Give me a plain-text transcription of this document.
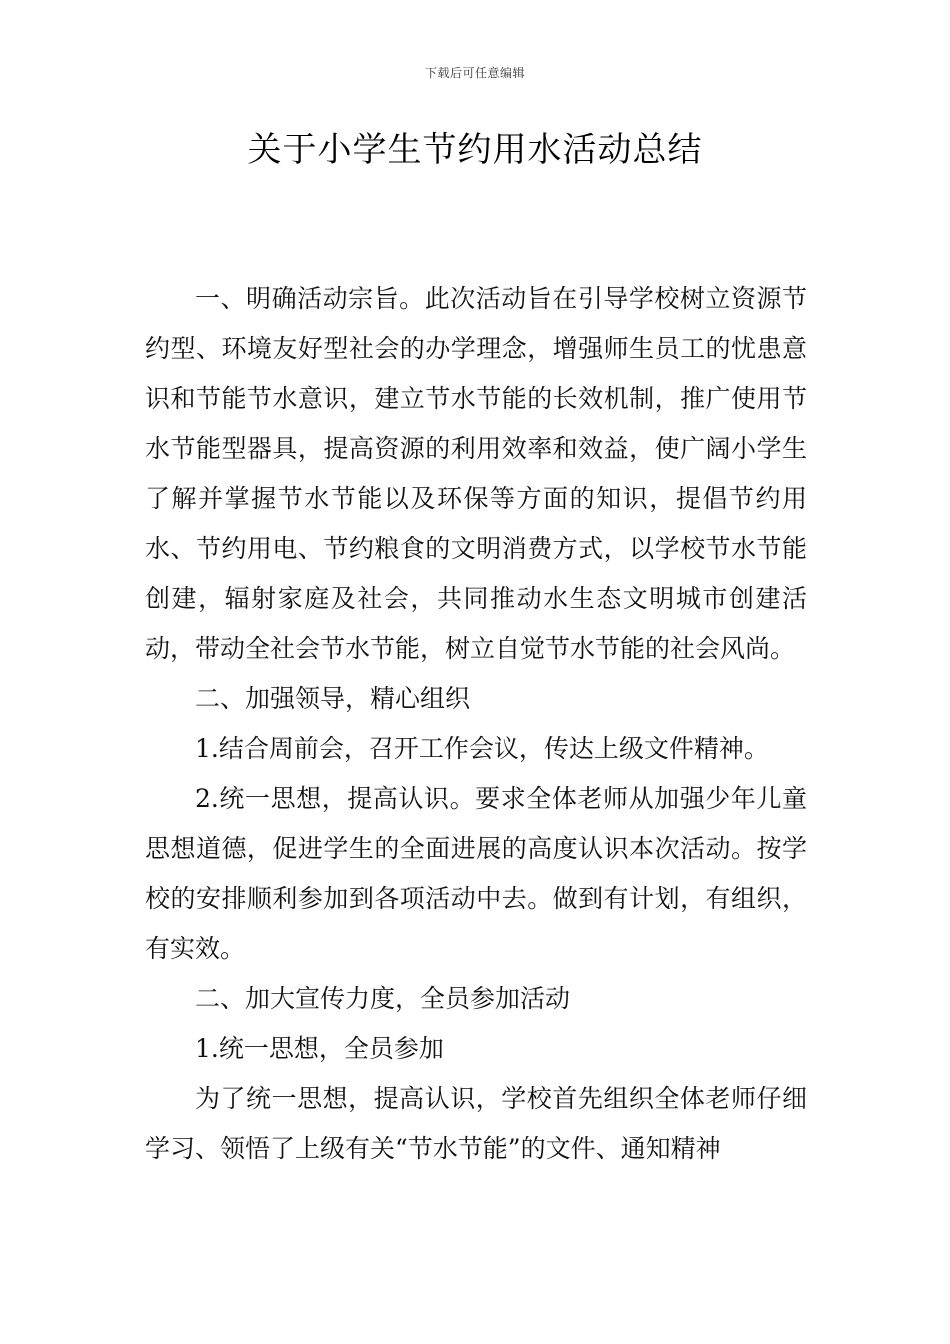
下载后可任意编辑
关于小学生节约用水活动总结

一、明确活动宗旨。此次活动旨在引导学校树立资源节约型、环境友好型社会的办学理念，增强师生员工的忧患意识和节能节水意识，建立节水节能的长效机制，推广使用节水节能型器具，提高资源的利用效率和效益，使广阔小学生了解并掌握节水节能以及环保等方面的知识，提倡节约用水、节约用电、节约粮食的文明消费方式，以学校节水节能创建，辐射家庭及社会，共同推动水生态文明城市创建活动，带动全社会节水节能，树立自觉节水节能的社会风尚。

二、加强领导，精心组织

1.结合周前会，召开工作会议，传达上级文件精神。

2.统一思想，提高认识。要求全体老师从加强少年儿童思想道德，促进学生的全面进展的高度认识本次活动。按学校的安排顺利参加到各项活动中去。做到有计划，有组织，有实效。

二、加大宣传力度，全员参加活动

1.统一思想，全员参加

为了统一思想，提高认识，学校首先组织全体老师仔细学习、领悟了上级有关“节水节能”的文件、通知精神
